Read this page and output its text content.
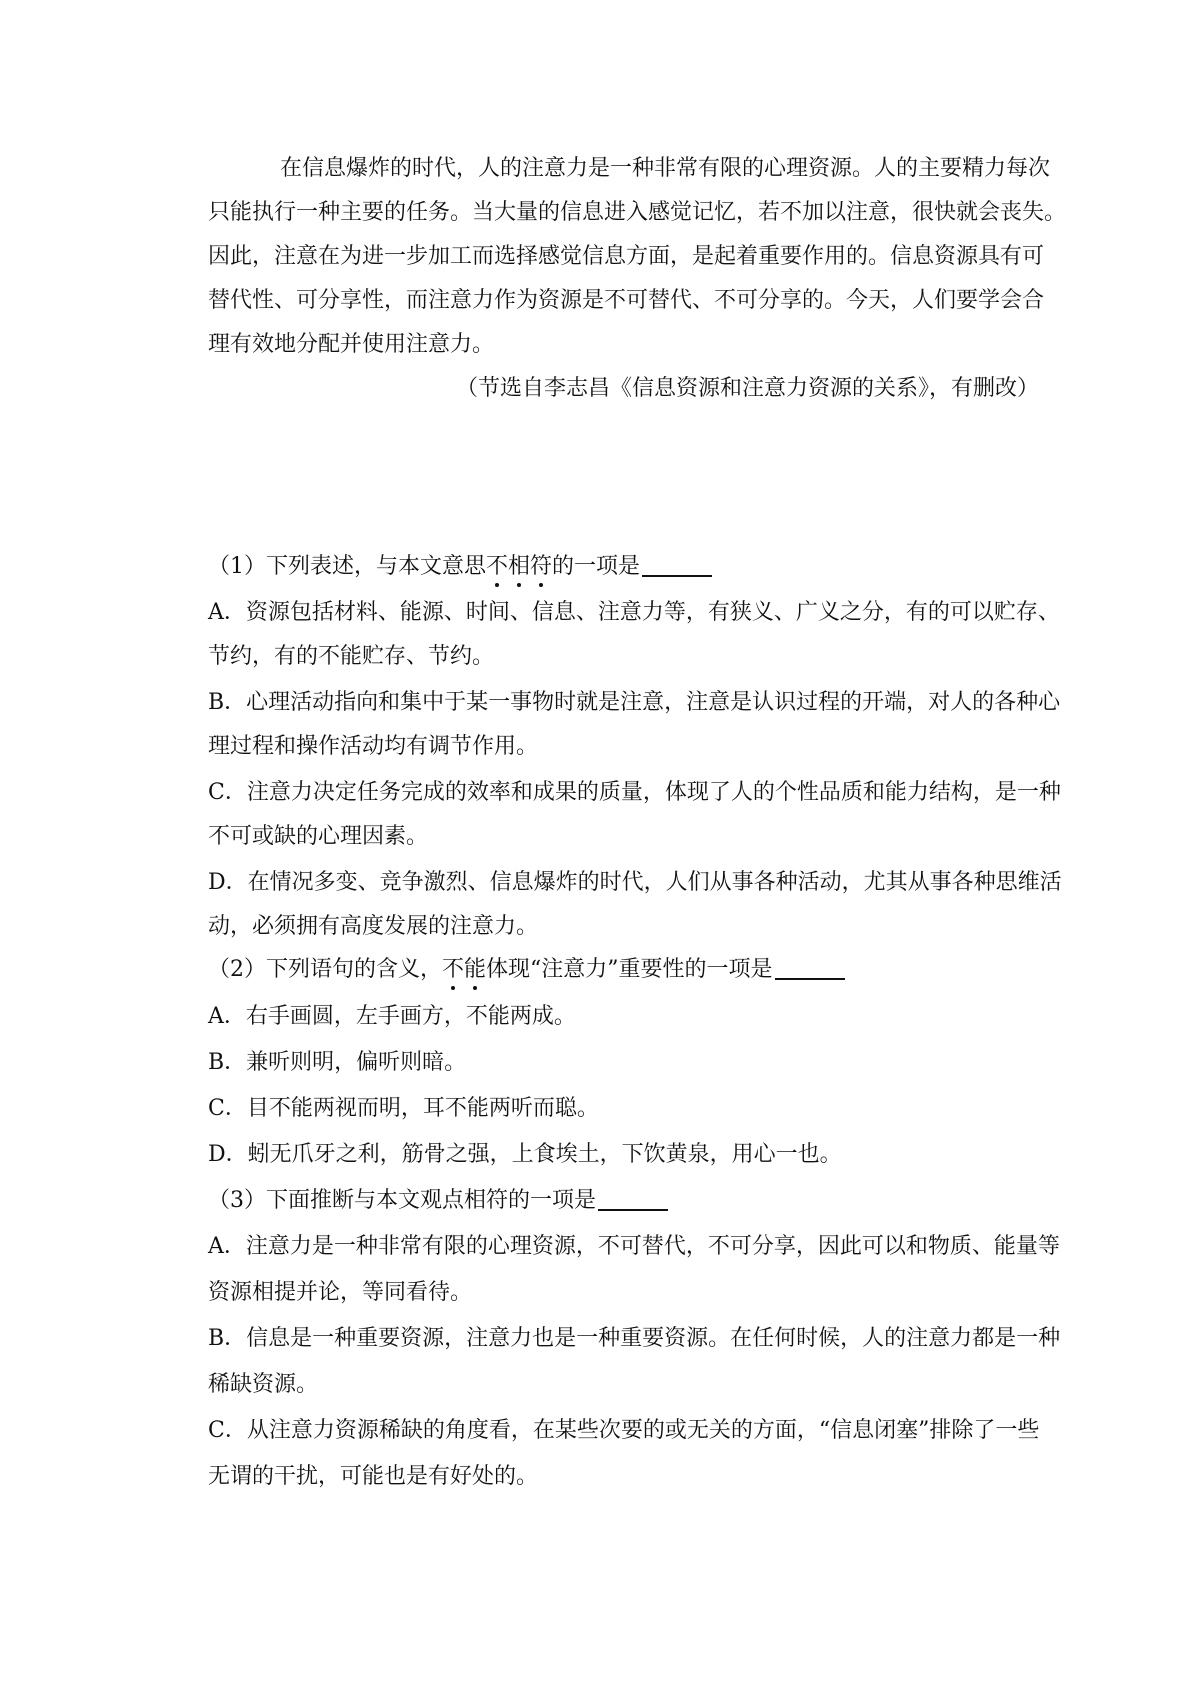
在信息爆炸的时代，人的注意力是一种非常有限的心理资源。人的主要精力每次
只能执行一种主要的任务。当大量的信息进入感觉记忆，若不加以注意，很快就会丧失。
因此，注意在为进一步加工而选择感觉信息方面，是起着重要作用的。信息资源具有可
替代性、可分享性，而注意力作为资源是不可替代、不可分享的。今天，人们要学会合
理有效地分配并使用注意力。
（节选自李志昌《信息资源和注意力资源的关系》，有删改）
（1）下列表述，与本文意思不相符的一项是
A．资源包括材料、能源、时间、信息、注意力等，有狭义、广义之分，有的可以贮存、
节约，有的不能贮存、节约。
B．心理活动指向和集中于某一事物时就是注意，注意是认识过程的开端，对人的各种心
理过程和操作活动均有调节作用。
C．注意力决定任务完成的效率和成果的质量，体现了人的个性品质和能力结构，是一种
不可或缺的心理因素。
D．在情况多变、竞争激烈、信息爆炸的时代，人们从事各种活动，尤其从事各种思维活
动，必须拥有高度发展的注意力。
（2）下列语句的含义，不能体现“注意力”重要性的一项是
A．右手画圆，左手画方，不能两成。
B．兼听则明，偏听则暗。
C．目不能两视而明，耳不能两听而聪。
D．蚓无爪牙之利，筋骨之强，上食埃土，下饮黄泉，用心一也。
（3）下面推断与本文观点相符的一项是
A．注意力是一种非常有限的心理资源，不可替代，不可分享，因此可以和物质、能量等
资源相提并论，等同看待。
B．信息是一种重要资源，注意力也是一种重要资源。在任何时候，人的注意力都是一种
稀缺资源。
C．从注意力资源稀缺的角度看，在某些次要的或无关的方面，“信息闭塞”排除了一些
无谓的干扰，可能也是有好处的。
